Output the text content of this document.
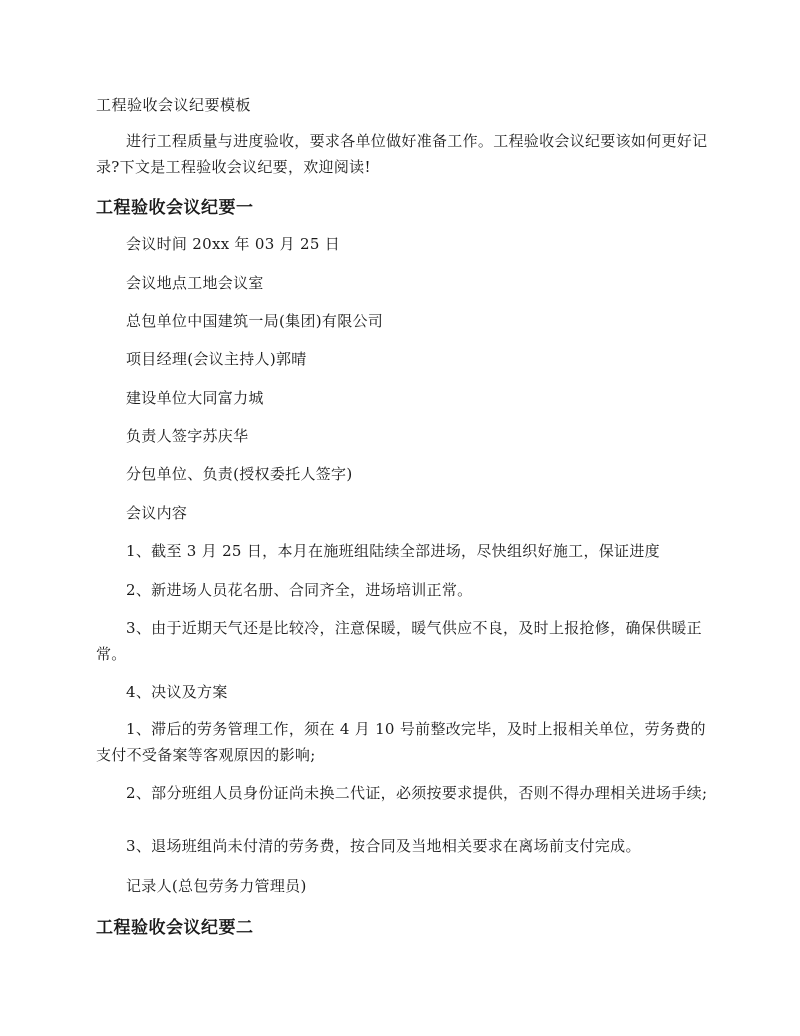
工程验收会议纪要模板

进行工程质量与进度验收，要求各单位做好准备工作。工程验收会议纪要该如何更好记录?下文是工程验收会议纪要，欢迎阅读!

工程验收会议纪要一

会议时间 20xx 年 03 月 25 日

会议地点工地会议室

总包单位中国建筑一局(集团)有限公司

项目经理(会议主持人)郭晴

建设单位大同富力城

负责人签字苏庆华

分包单位、负责(授权委托人签字)

会议内容

1、截至 3 月 25 日，本月在施班组陆续全部进场，尽快组织好施工，保证进度

2、新进场人员花名册、合同齐全，进场培训正常。

3、由于近期天气还是比较冷，注意保暖，暖气供应不良，及时上报抢修，确保供暖正常。

4、决议及方案

1、滞后的劳务管理工作，须在 4 月 10 号前整改完毕，及时上报相关单位，劳务费的支付不受备案等客观原因的影响;

2、部分班组人员身份证尚未换二代证，必须按要求提供，否则不得办理相关进场手续;

3、退场班组尚未付清的劳务费，按合同及当地相关要求在离场前支付完成。

记录人(总包劳务力管理员)

工程验收会议纪要二
